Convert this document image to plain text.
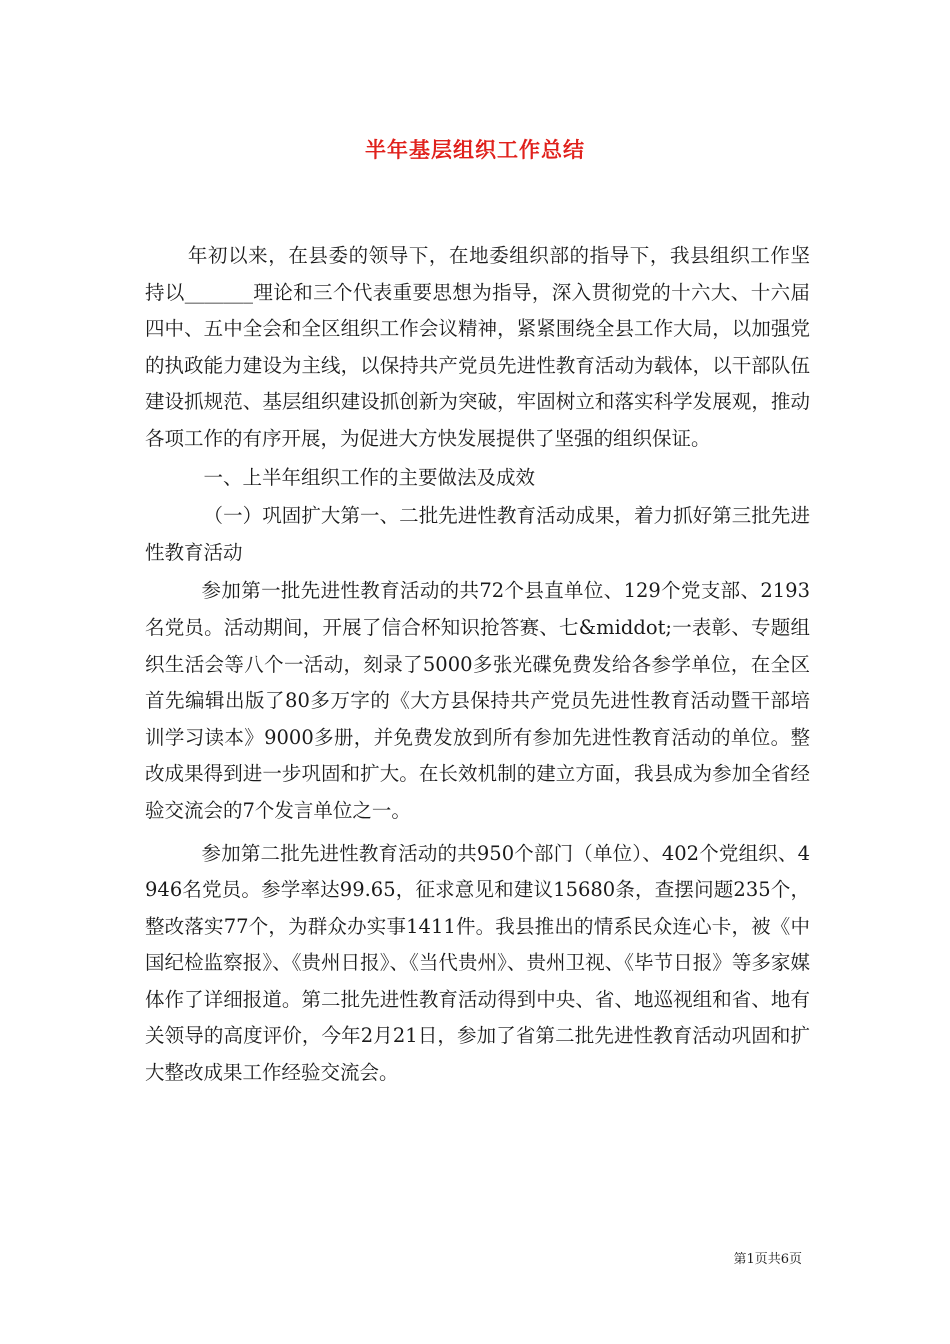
半年基层组织工作总结

年初以来，在县委的领导下，在地委组织部的指导下，我县组织工作坚持以_______理论和三个代表重要思想为指导，深入贯彻党的十六大、十六届四中、五中全会和全区组织工作会议精神，紧紧围绕全县工作大局，以加强党的执政能力建设为主线，以保持共产党员先进性教育活动为载体，以干部队伍建设抓规范、基层组织建设抓创新为突破，牢固树立和落实科学发展观，推动各项工作的有序开展，为促进大方快发展提供了坚强的组织保证。

一、上半年组织工作的主要做法及成效

（一）巩固扩大第一、二批先进性教育活动成果，着力抓好第三批先进性教育活动

参加第一批先进性教育活动的共72个县直单位、129个党支部、2193名党员。活动期间，开展了信合杯知识抢答赛、七&middot;一表彰、专题组织生活会等八个一活动，刻录了5000多张光碟免费发给各参学单位，在全区首先编辑出版了80多万字的《大方县保持共产党员先进性教育活动暨干部培训学习读本》9000多册，并免费发放到所有参加先进性教育活动的单位。整改成果得到进一步巩固和扩大。在长效机制的建立方面，我县成为参加全省经验交流会的7个发言单位之一。

参加第二批先进性教育活动的共950个部门（单位）、402个党组织、4946名党员。参学率达99.65，征求意见和建议15680条，查摆问题235个，整改落实77个，为群众办实事1411件。我县推出的情系民众连心卡，被《中国纪检监察报》、《贵州日报》、《当代贵州》、贵州卫视、《毕节日报》等多家媒体作了详细报道。第二批先进性教育活动得到中央、省、地巡视组和省、地有关领导的高度评价，今年2月21日，参加了省第二批先进性教育活动巩固和扩大整改成果工作经验交流会。

第1页共6页
